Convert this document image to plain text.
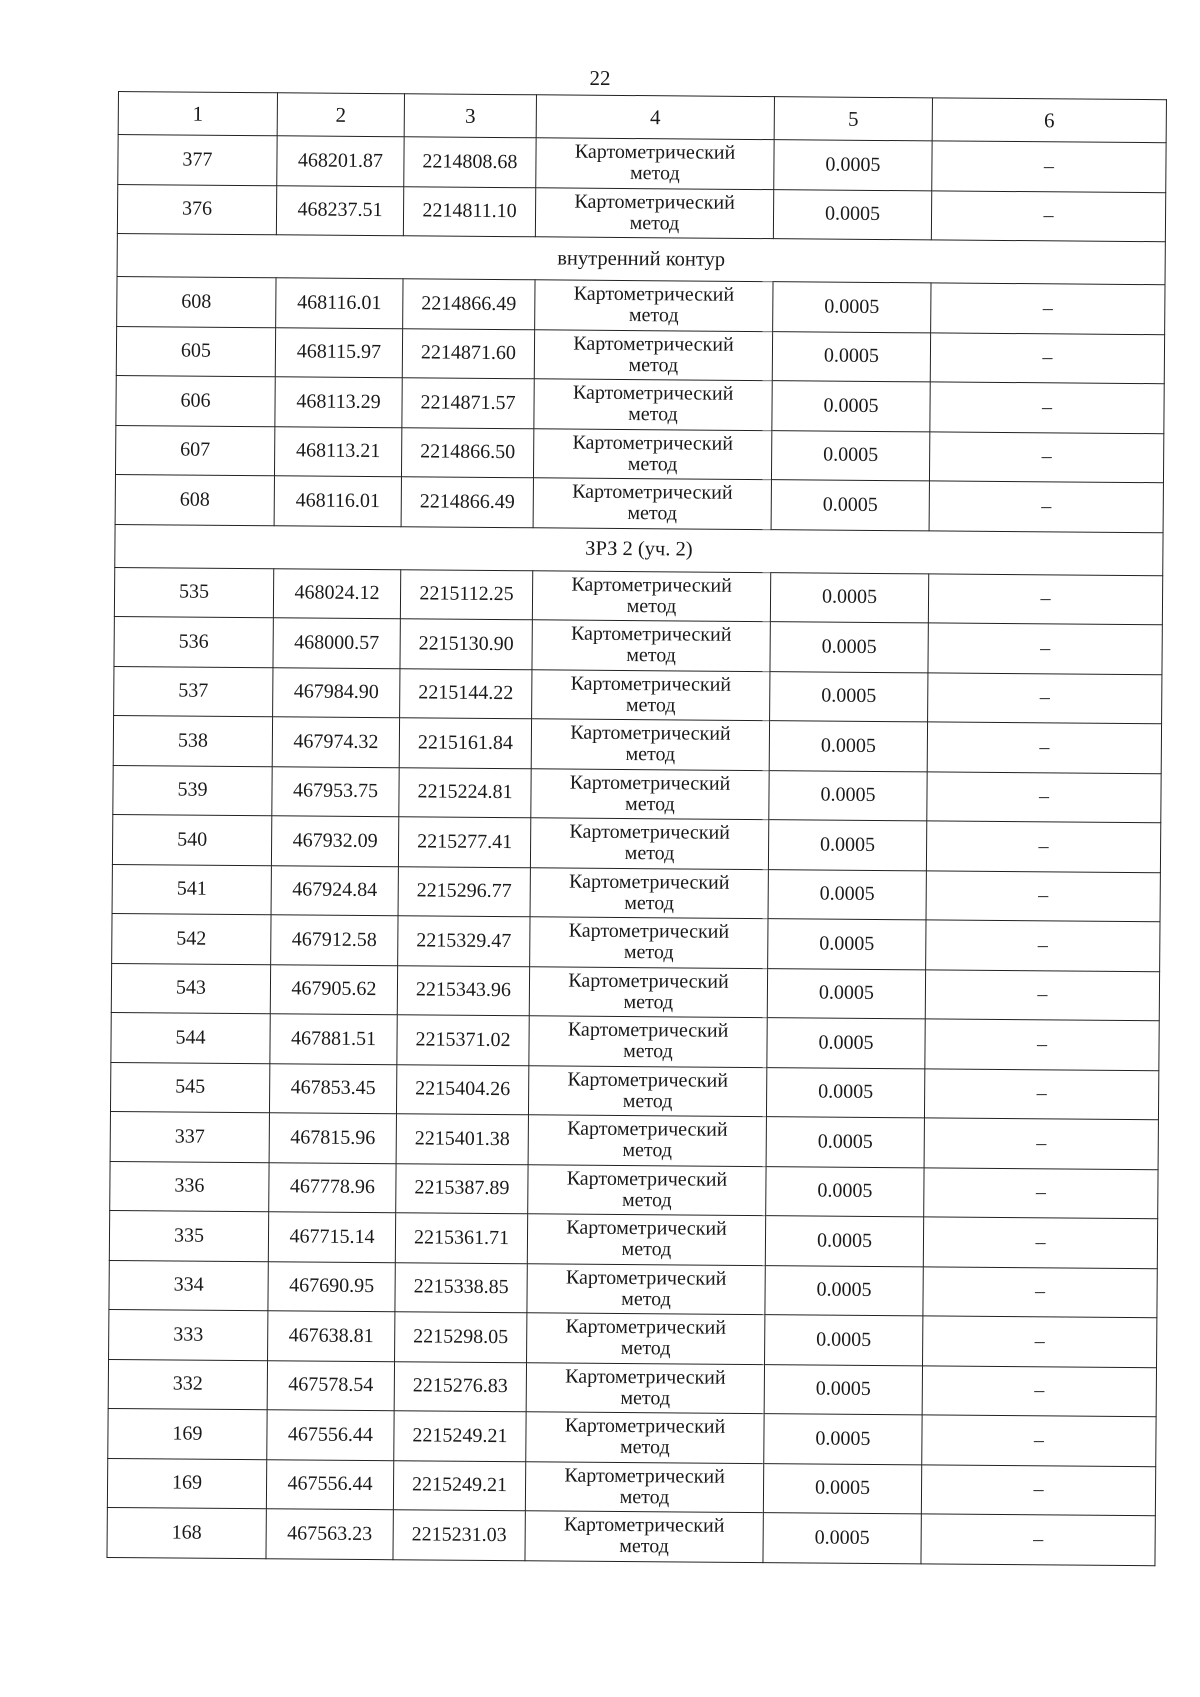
22
1	2	3	4	5	6
377	468201.87	2214808.68	Картометрический
метод	0.0005	–
376	468237.51	2214811.10	Картометрический
метод	0.0005	–
внутренний контур					
608	468116.01	2214866.49	Картометрический
метод	0.0005	–
605	468115.97	2214871.60	Картометрический
метод	0.0005	–
606	468113.29	2214871.57	Картометрический
метод	0.0005	–
607	468113.21	2214866.50	Картометрический
метод	0.0005	–
608	468116.01	2214866.49	Картометрический
метод	0.0005	–
ЗРЗ 2 (уч. 2)					
535	468024.12	2215112.25	Картометрический
метод	0.0005	–
536	468000.57	2215130.90	Картометрический
метод	0.0005	–
537	467984.90	2215144.22	Картометрический
метод	0.0005	–
538	467974.32	2215161.84	Картометрический
метод	0.0005	–
539	467953.75	2215224.81	Картометрический
метод	0.0005	–
540	467932.09	2215277.41	Картометрический
метод	0.0005	–
541	467924.84	2215296.77	Картометрический
метод	0.0005	–
542	467912.58	2215329.47	Картометрический
метод	0.0005	–
543	467905.62	2215343.96	Картометрический
метод	0.0005	–
544	467881.51	2215371.02	Картометрический
метод	0.0005	–
545	467853.45	2215404.26	Картометрический
метод	0.0005	–
337	467815.96	2215401.38	Картометрический
метод	0.0005	–
336	467778.96	2215387.89	Картометрический
метод	0.0005	–
335	467715.14	2215361.71	Картометрический
метод	0.0005	–
334	467690.95	2215338.85	Картометрический
метод	0.0005	–
333	467638.81	2215298.05	Картометрический
метод	0.0005	–
332	467578.54	2215276.83	Картометрический
метод	0.0005	–
169	467556.44	2215249.21	Картометрический
метод	0.0005	–
169	467556.44	2215249.21	Картометрический
метод	0.0005	–
168	467563.23	2215231.03	Картометрический
метод	0.0005	–
